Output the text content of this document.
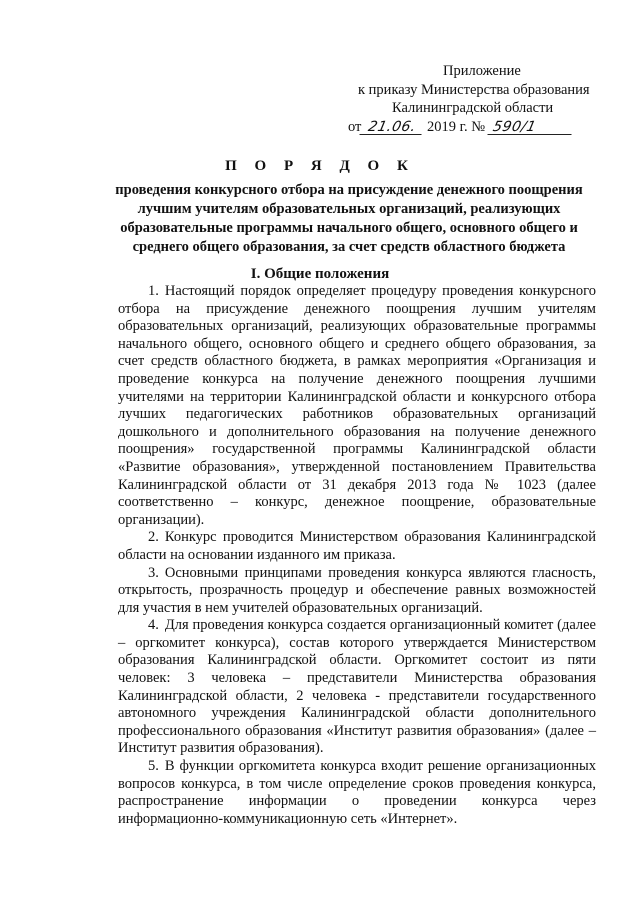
Приложение
к приказу Министерства образования
Калининградской области
от 21.06. 2019 г. № 590/1
П О Р Я Д О К
проведения конкурсного отбора на присуждение денежного поощрения лучшим учителям образовательных организаций, реализующих образовательные программы начального общего, основного общего и среднего общего образования, за счет средств областного бюджета
I. Общие положения

1. Настоящий порядок определяет процедуру проведения конкурсного отбора на присуждение денежного поощрения лучшим учителям образовательных организаций, реализующих образовательные программы начального общего, основного общего и среднего общего образования, за счет средств областного бюджета, в рамках мероприятия «Организация и проведение конкурса на получение денежного поощрения лучшими учителями на территории Калининградской области и конкурсного отбора лучших педагогических работников образовательных организаций дошкольного и дополнительного образования на получение денежного поощрения» государственной программы Калининградской области «Развитие образования», утвержденной постановлением Правительства Калининградской области от 31 декабря 2013 года № 1023 (далее соответственно – конкурс, денежное поощрение, образовательные организации).

2. Конкурс проводится Министерством образования Калининградской области на основании изданного им приказа.

3. Основными принципами проведения конкурса являются гласность, открытость, прозрачность процедур и обеспечение равных возможностей для участия в нем учителей образовательных организаций.

4. Для проведения конкурса создается организационный комитет (далее – оргкомитет конкурса), состав которого утверждается Министерством образования Калининградской области. Оргкомитет состоит из пяти человек: 3 человека – представители Министерства образования Калининградской области, 2 человека - представители государственного автономного учреждения Калининградской области дополнительного профессионального образования «Институт развития образования» (далее – Институт развития образования).

5. В функции оргкомитета конкурса входит решение организационных вопросов конкурса, в том числе определение сроков проведения конкурса, распространение информации о проведении конкурса через информационно-коммуникационную сеть «Интернет».
